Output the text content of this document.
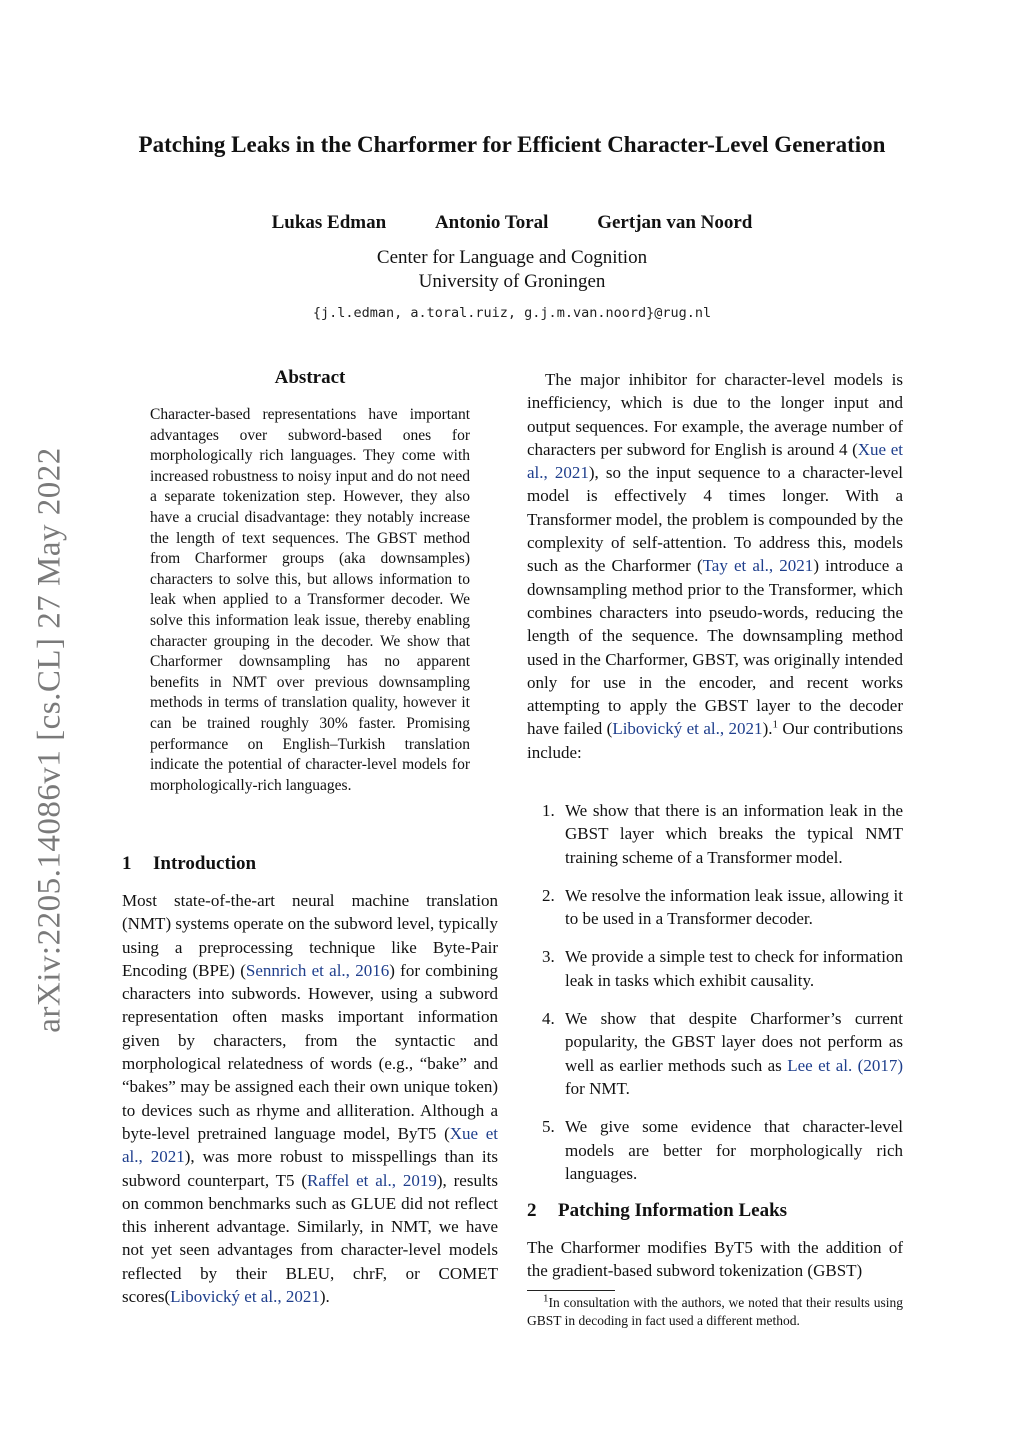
arXiv:2205.14086v1 [cs.CL] 27 May 2022
Patching Leaks in the Charformer for Efficient Character-Level Generation
Lukas Edman	Antonio Toral	Gertjan van Noord
Center for Language and Cognition
University of Groningen
{j.l.edman, a.toral.ruiz, g.j.m.van.noord}@rug.nl
Abstract
Character-based representations have important advantages over subword-based ones for morphologically rich languages. They come with increased robustness to noisy input and do not need a separate tokenization step. However, they also have a crucial disadvantage: they notably increase the length of text sequences. The GBST method from Charformer groups (aka downsamples) characters to solve this, but allows information to leak when applied to a Transformer decoder. We solve this information leak issue, thereby enabling character grouping in the decoder. We show that Charformer downsampling has no apparent benefits in NMT over previous downsampling methods in terms of translation quality, however it can be trained roughly 30% faster. Promising performance on English–Turkish translation indicate the potential of character-level models for morphologically-rich languages.
1 Introduction
Most state-of-the-art neural machine translation (NMT) systems operate on the subword level, typically using a preprocessing technique like Byte-Pair Encoding (BPE) (Sennrich et al., 2016) for combining characters into subwords. However, using a subword representation often masks important information given by characters, from the syntactic and morphological relatedness of words (e.g., “bake” and “bakes” may be assigned each their own unique token) to devices such as rhyme and alliteration. Although a byte-level pretrained language model, ByT5 (Xue et al., 2021), was more robust to misspellings than its subword counterpart, T5 (Raffel et al., 2019), results on common benchmarks such as GLUE did not reflect this inherent advantage. Similarly, in NMT, we have not yet seen advantages from character-level models reflected by their BLEU, chrF, or COMET scores(Libovický et al., 2021).
The major inhibitor for character-level models is inefficiency, which is due to the longer input and output sequences. For example, the average number of characters per subword for English is around 4 (Xue et al., 2021), so the input sequence to a character-level model is effectively 4 times longer. With a Transformer model, the problem is compounded by the complexity of self-attention. To address this, models such as the Charformer (Tay et al., 2021) introduce a downsampling method prior to the Transformer, which combines characters into pseudo-words, reducing the length of the sequence. The downsampling method used in the Charformer, GBST, was originally intended only for use in the encoder, and recent works attempting to apply the GBST layer to the decoder have failed (Libovický et al., 2021).$^1$ Our contributions include:
1. We show that there is an information leak in the GBST layer which breaks the typical NMT training scheme of a Transformer model.
2. We resolve the information leak issue, allowing it to be used in a Transformer decoder.
3. We provide a simple test to check for information leak in tasks which exhibit causality.
4. We show that despite Charformer’s current popularity, the GBST layer does not perform as well as earlier methods such as Lee et al. (2017) for NMT.
5. We give some evidence that character-level models are better for morphologically rich languages.
2 Patching Information Leaks
The Charformer modifies ByT5 with the addition of the gradient-based subword tokenization (GBST)
$^1$In consultation with the authors, we noted that their results using GBST in decoding in fact used a different method.
